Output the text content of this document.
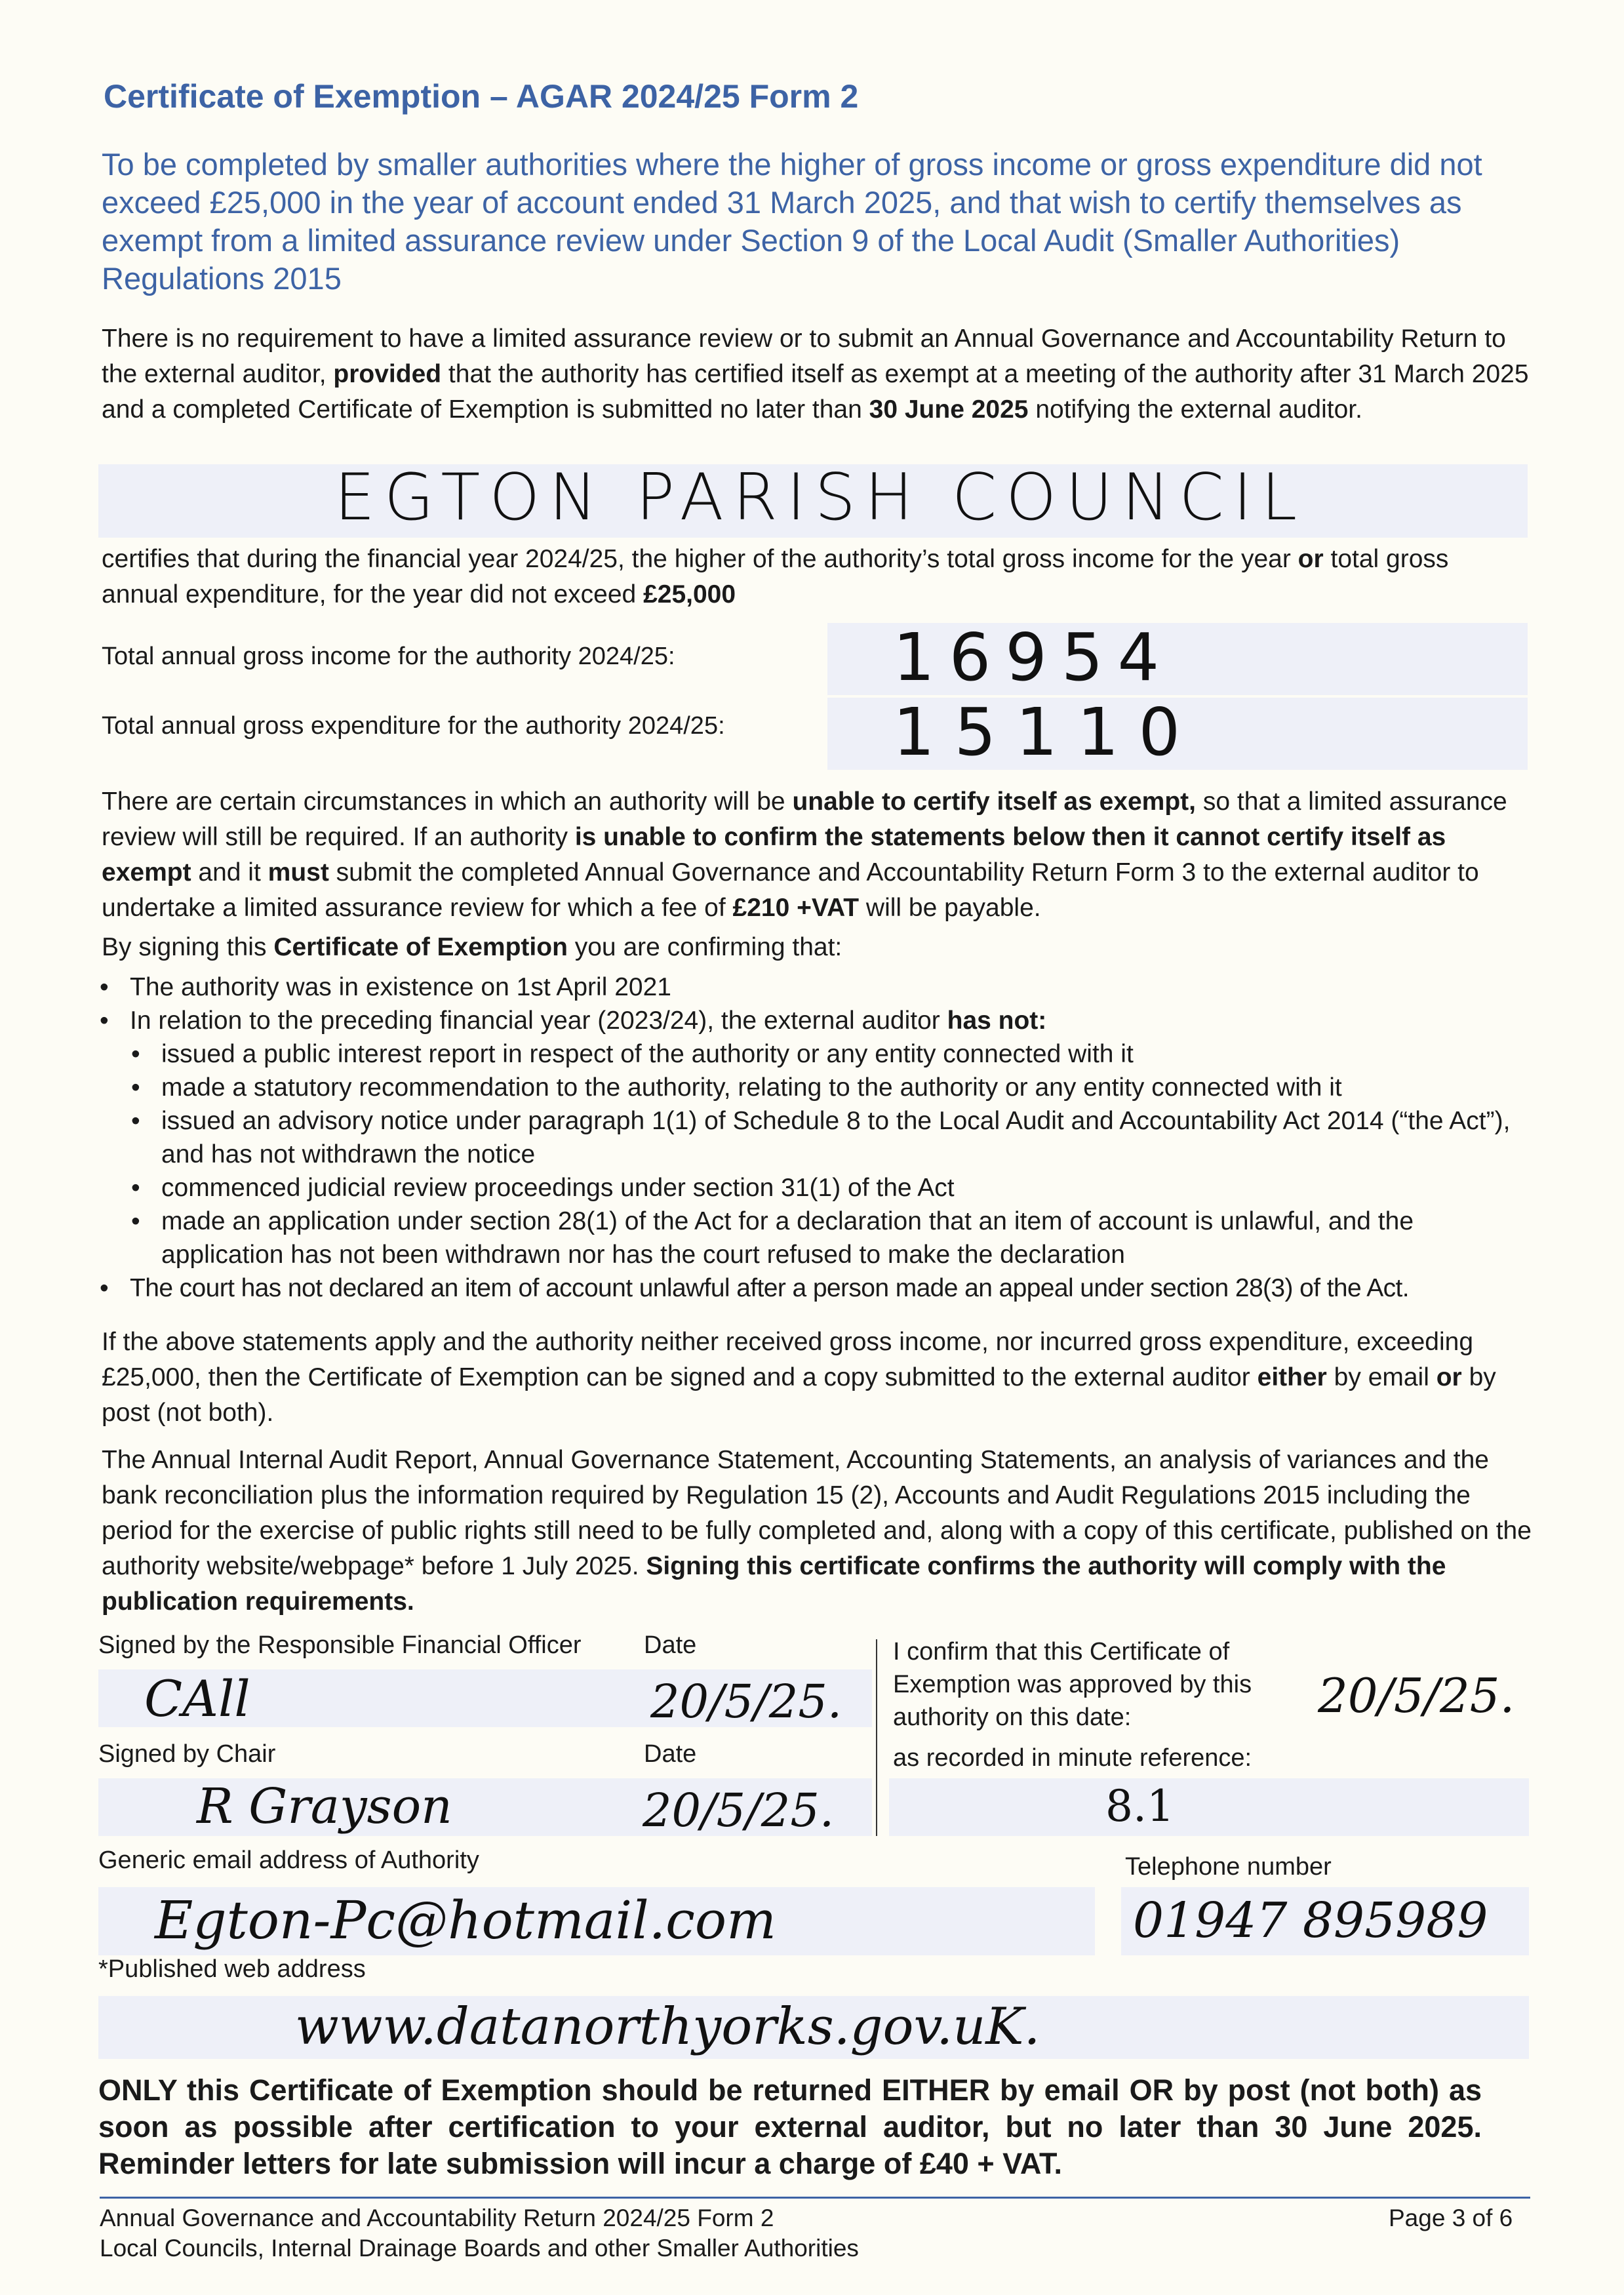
Certificate of Exemption – AGAR 2024/25 Form 2
To be completed by smaller authorities where the higher of gross income or gross expenditure did not exceed £25,000 in the year of account ended 31 March 2025, and that wish to certify themselves as exempt from a limited assurance review under Section 9 of the Local Audit (Smaller Authorities) Regulations 2015
There is no requirement to have a limited assurance review or to submit an Annual Governance and Accountability Return to the external auditor, provided that the authority has certified itself as exempt at a meeting of the authority after 31 March 2025 and a completed Certificate of Exemption is submitted no later than 30 June 2025 notifying the external auditor.
EGTON PARISH COUNCIL
certifies that during the financial year 2024/25, the higher of the authority’s total gross income for the year or total gross annual expenditure, for the year did not exceed £25,000
Total annual gross income for the authority 2024/25:	16954
Total annual gross expenditure for the authority 2024/25:	15110
There are certain circumstances in which an authority will be unable to certify itself as exempt, so that a limited assurance review will still be required. If an authority is unable to confirm the statements below then it cannot certify itself as exempt and it must submit the completed Annual Governance and Accountability Return Form 3 to the external auditor to undertake a limited assurance review for which a fee of £210 +VAT will be payable.
By signing this Certificate of Exemption you are confirming that:
• The authority was in existence on 1st April 2021
• In relation to the preceding financial year (2023/24), the external auditor has not:
• issued a public interest report in respect of the authority or any entity connected with it
• made a statutory recommendation to the authority, relating to the authority or any entity connected with it
• issued an advisory notice under paragraph 1(1) of Schedule 8 to the Local Audit and Accountability Act 2014 (“the Act”), and has not withdrawn the notice
• commenced judicial review proceedings under section 31(1) of the Act
• made an application under section 28(1) of the Act for a declaration that an item of account is unlawful, and the application has not been withdrawn nor has the court refused to make the declaration
• The court has not declared an item of account unlawful after a person made an appeal under section 28(3) of the Act.
If the above statements apply and the authority neither received gross income, nor incurred gross expenditure, exceeding £25,000, then the Certificate of Exemption can be signed and a copy submitted to the external auditor either by email or by post (not both).
The Annual Internal Audit Report, Annual Governance Statement, Accounting Statements, an analysis of variances and the bank reconciliation plus the information required by Regulation 15 (2), Accounts and Audit Regulations 2015 including the period for the exercise of public rights still need to be fully completed and, along with a copy of this certificate, published on the authority website/webpage* before 1 July 2025. Signing this certificate confirms the authority will comply with the publication requirements.
Signed by the Responsible Financial Officer	Date
CAll	20/5/25.
I confirm that this Certificate of Exemption was approved by this authority on this date:	20/5/25.
Signed by Chair	Date
R Grayson	20/5/25.
as recorded in minute reference:
8.1
Generic email address of Authority	Telephone number
Egton-Pc@hotmail.com	01947 895989
*Published web address
www.datanorthyorks.gov.uK.
ONLY this Certificate of Exemption should be returned EITHER by email OR by post (not both) as soon as possible after certification to your external auditor, but no later than 30 June 2025. Reminder letters for late submission will incur a charge of £40 + VAT.
Annual Governance and Accountability Return 2024/25 Form 2
Local Councils, Internal Drainage Boards and other Smaller Authorities
Page 3 of 6
